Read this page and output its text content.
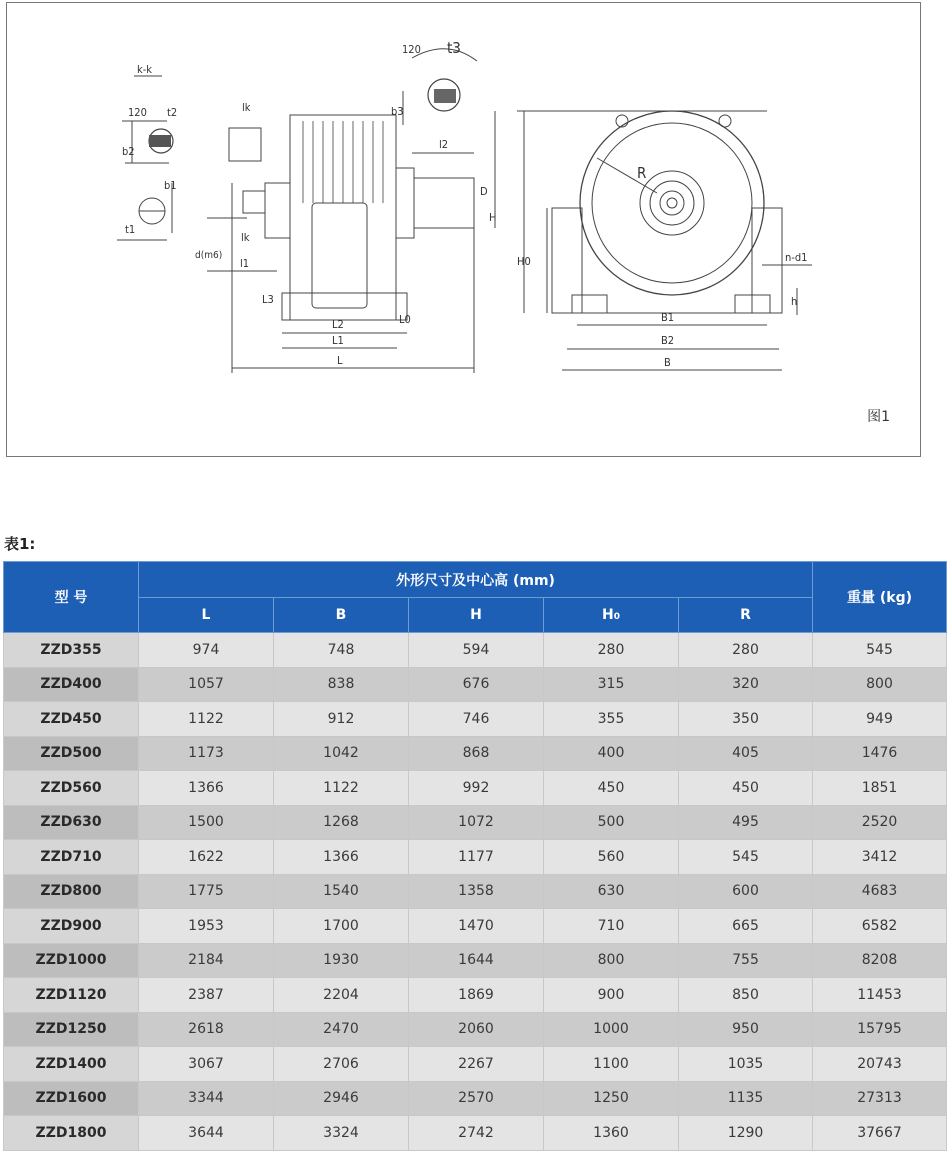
k-k
120 t2
b2
b1
t1
120 t3
b3
lk
lk
l2
D
H
d(m6)
l1
L3
L2
L1
L0
L
R
H0	n-d1
h
B1
B2
B
图1
表1:
型 号	外形尺寸及中心高 (mm)					重量 (kg)
	L	B	H	H0	R	
ZZD355	974	748	594	280	280	545
ZZD400	1057	838	676	315	320	800
ZZD450	1122	912	746	355	350	949
ZZD500	1173	1042	868	400	405	1476
ZZD560	1366	1122	992	450	450	1851
ZZD630	1500	1268	1072	500	495	2520
ZZD710	1622	1366	1177	560	545	3412
ZZD800	1775	1540	1358	630	600	4683
ZZD900	1953	1700	1470	710	665	6582
ZZD1000	2184	1930	1644	800	755	8208
ZZD1120	2387	2204	1869	900	850	11453
ZZD1250	2618	2470	2060	1000	950	15795
ZZD1400	3067	2706	2267	1100	1035	20743
ZZD1600	3344	2946	2570	1250	1135	27313
ZZD1800	3644	3324	2742	1360	1290	37667
